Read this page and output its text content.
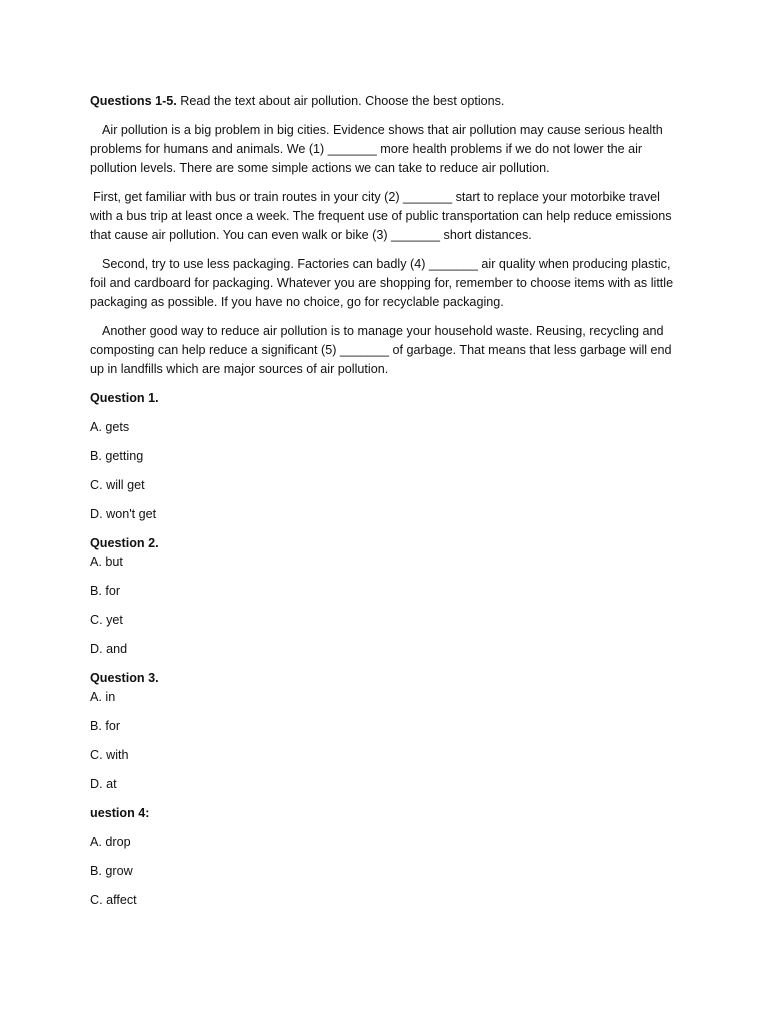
Questions 1-5. Read the text about air pollution. Choose the best options.

Air pollution is a big problem in big cities. Evidence shows that air pollution may cause serious health problems for humans and animals. We (1) _______ more health problems if we do not lower the air pollution levels. There are some simple actions we can take to reduce air pollution.

First, get familiar with bus or train routes in your city (2) _______ start to replace your motorbike travel with a bus trip at least once a week. The frequent use of public transportation can help reduce emissions that cause air pollution. You can even walk or bike (3) _______ short distances.

Second, try to use less packaging. Factories can badly (4) _______ air quality when producing plastic, foil and cardboard for packaging. Whatever you are shopping for, remember to choose items with as little packaging as possible. If you have no choice, go for recyclable packaging.

Another good way to reduce air pollution is to manage your household waste. Reusing, recycling and composting can help reduce a significant (5) _______ of garbage. That means that less garbage will end up in landfills which are major sources of air pollution.

Question 1.

A. gets

B. getting

C. will get

D. won't get

Question 2.

A. but

B. for

C. yet

D. and

Question 3.

A. in

B. for

C. with

D. at

uestion 4:

A. drop

B. grow

C. affect
